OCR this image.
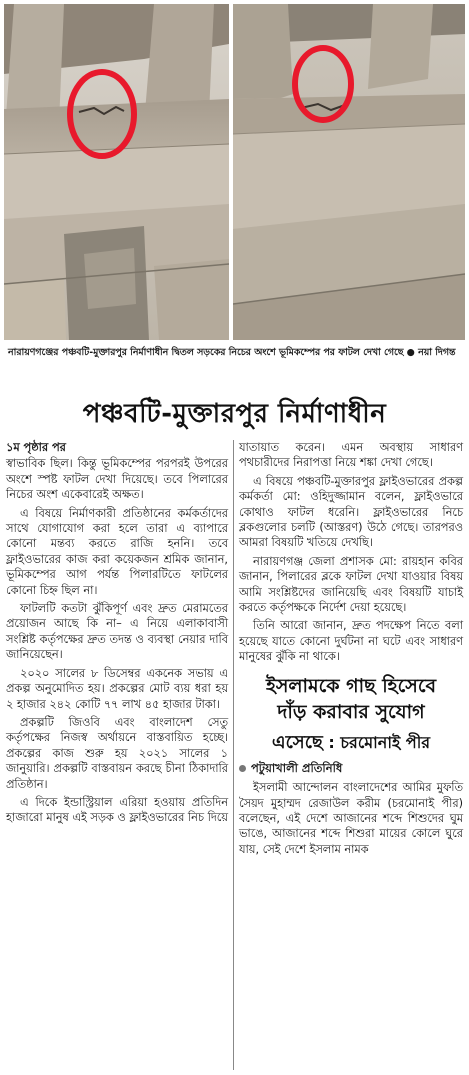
নারায়ণগঞ্জের পঞ্চবটি-মুক্তারপুর নির্মাণাধীন দ্বিতল সড়কের নিচের অংশে ভূমিকম্পের পর ফাটল দেখা গেছে ● নয়া দিগন্ত
পঞ্চবটি-মুক্তারপুর নির্মাণাধীন
১ম পৃষ্ঠার পর

স্বাভাবিক ছিল। কিন্তু ভূমিকম্পের পরপরই উপরের অংশে স্পষ্ট ফাটল দেখা দিয়েছে। তবে পিলারের নিচের অংশ একেবারেই অক্ষত।

এ বিষয়ে নির্মাণকারী প্রতিষ্ঠানের কর্মকর্তাদের সাথে যোগাযোগ করা হলে তারা এ ব্যাপারে কোনো মন্তব্য করতে রাজি হননি। তবে ফ্লাইওভারের কাজ করা কয়েকজন শ্রমিক জানান, ভূমিকম্পের আগ পর্যন্ত পিলারটিতে ফাটলের কোনো চিহ্ন ছিল না।

ফাটলটি কতটা ঝুঁকিপূর্ণ এবং দ্রুত মেরামতের প্রয়োজন আছে কি না– এ নিয়ে এলাকাবাসী সংশ্লিষ্ট কর্তৃপক্ষের দ্রুত তদন্ত ও ব্যবস্থা নেয়ার দাবি জানিয়েছেন।

২০২০ সালের ৮ ডিসেম্বর একনেক সভায় এ প্রকল্প অনুমোদিত হয়। প্রকল্পের মোট ব্যয় ধরা হয় ২ হাজার ২৪২ কোটি ৭৭ লাখ ৪৫ হাজার টাকা।

প্রকল্পটি জিওবি এবং বাংলাদেশ সেতু কর্তৃপক্ষের নিজস্ব অর্থায়নে বাস্তবায়িত হচ্ছে। প্রকল্পের কাজ শুরু হয় ২০২১ সালের ১ জানুয়ারি। প্রকল্পটি বাস্তবায়ন করছে চীনা ঠিকাদারি প্রতিষ্ঠান।

এ দিকে ইন্ডাস্ট্রিয়াল এরিয়া হওয়ায় প্রতিদিন হাজারো মানুষ এই সড়ক ও ফ্লাইওভারের নিচ দিয়ে

যাতায়াত করেন। এমন অবস্থায় সাধারণ পথচারীদের নিরাপত্তা নিয়ে শঙ্কা দেখা গেছে।

এ বিষয়ে পঞ্চবটি-মুক্তারপুর ফ্লাইওভারের প্রকল্প কর্মকর্তা মো: ওহিদুজ্জামান বলেন, ফ্লাইওভারে কোথাও ফাটল ধরেনি। ফ্লাইওভারের নিচে ব্লকগুলোর চলটি (আস্তরণ) উঠে গেছে। তারপরও আমরা বিষয়টি খতিয়ে দেখছি।

নারায়ণগঞ্জ জেলা প্রশাসক মো: রায়হান কবির জানান, পিলারের ব্লকে ফাটল দেখা যাওয়ার বিষয় আমি সংশ্লিষ্টদের জানিয়েছি এবং বিষয়টি যাচাই করতে কর্তৃপক্ষকে নির্দেশ দেয়া হয়েছে।

তিনি আরো জানান, দ্রুত পদক্ষেপ নিতে বলা হয়েছে যাতে কোনো দুর্ঘটনা না ঘটে এবং সাধারণ মানুষের ঝুঁকি না থাকে।

ইসলামকে গাছ হিসেবে
দাঁড় করাবার সুযোগ
এসেছে : চরমোনাই পীর
পটুয়াখালী প্রতিনিধি

ইসলামী আন্দোলন বাংলাদেশের আমির মুফতি সৈয়দ মুহাম্মদ রেজাউল করীম (চরমোনাই পীর) বলেছেন, এই দেশে আজানের শব্দে শিশুদের ঘুম ভাঙে, আজানের শব্দে শিশুরা মায়ের কোলে ঘুরে যায়, সেই দেশে ইসলাম নামক
